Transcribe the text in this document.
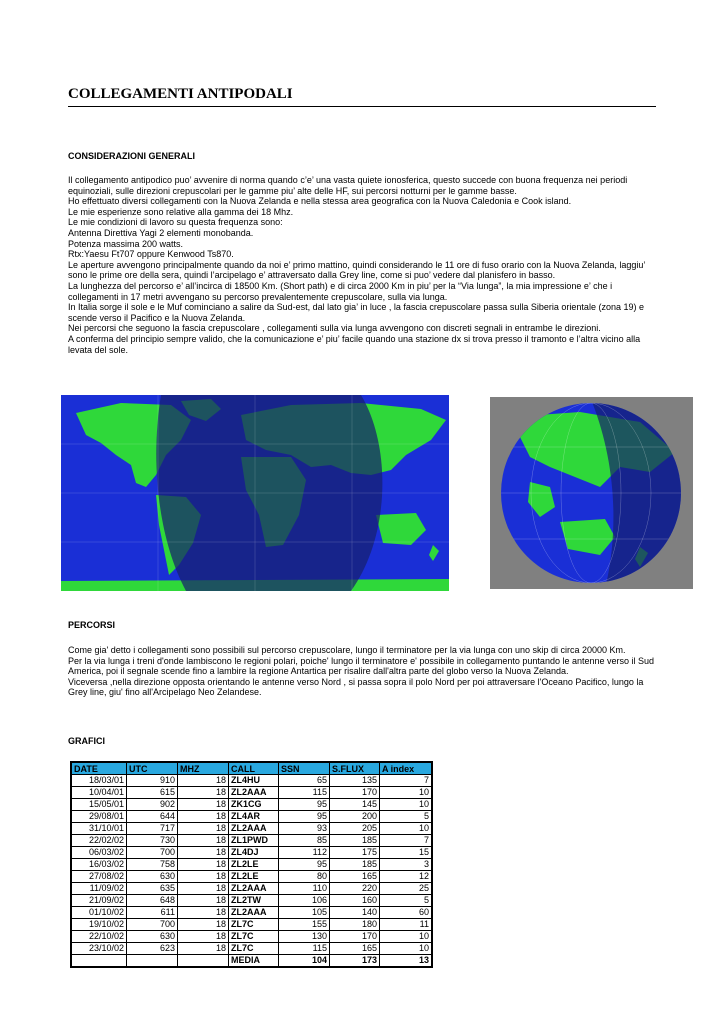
COLLEGAMENTI ANTIPODALI
CONSIDERAZIONI GENERALI

Il collegamento antipodico puo’ avvenire di norma quando c’e’ una vasta quiete ionosferica, questo succede con buona frequenza nei periodi equinoziali, sulle direzioni crepuscolari per le gamme piu’ alte delle HF, sui percorsi notturni per le gamme basse.

Ho effettuato diversi collegamenti con la Nuova Zelanda e nella stessa area geografica con la Nuova Caledonia e Cook island.

Le mie esperienze sono relative alla gamma dei 18 Mhz.

Le mie condizioni di lavoro su questa frequenza sono:

Antenna Direttiva Yagi 2 elementi monobanda.

Potenza massima 200 watts.

Rtx:Yaesu Ft707 oppure Kenwood Ts870.

Le aperture avvengono principalmente quando da noi e’ primo mattino, quindi considerando le 11 ore di fuso orario con la Nuova Zelanda, laggiu’ sono le prime ore della sera, quindi l’arcipelago e’ attraversato dalla Grey line, come si puo’ vedere dal planisfero in basso.

La lunghezza del percorso e’ all’incirca di 18500 Km. (Short path) e di circa 2000 Km in piu’ per la “Via lunga”, la mia impressione e’ che i collegamenti in 17 metri avvengano su percorso prevalentemente crepuscolare, sulla via lunga.

In Italia sorge il sole e le Muf cominciano a salire da Sud-est, dal lato gia’ in luce , la fascia crepuscolare passa sulla Siberia orientale (zona 19) e scende verso il Pacifico e la Nuova Zelanda.

Nei percorsi che seguono la fascia crepuscolare , collegamenti sulla via lunga avvengono con discreti segnali in entrambe le direzioni.

A conferma del principio sempre valido, che la comunicazione e’ piu’ facile quando una stazione dx si trova presso il tramonto e l’altra vicino alla levata del sole.

PERCORSI

Come gia' detto i collegamenti sono possibili sul percorso crepuscolare, lungo il terminatore per la via lunga con uno skip di circa 20000 Km.

Per la via lunga i treni d'onde lambiscono le regioni polari, poiche' lungo il terminatore e' possibile in collegamento puntando le antenne verso il Sud America, poi il segnale scende fino a lambire la regione Antartica per risalire dall'altra parte del globo verso la Nuova Zelanda.

Viceversa ,nella direzione opposta orientando le antenne verso Nord , si passa sopra il polo Nord per poi attraversare l'Oceano Pacifico, lungo la Grey line, giu' fino all'Arcipelago Neo Zelandese.

GRAFICI
DATE	UTC	MHZ	CALL	SSN	S.FLUX	A index
18/03/01	910	18	ZL4HU	65	135	7
10/04/01	615	18	ZL2AAA	115	170	10
15/05/01	902	18	ZK1CG	95	145	10
29/08/01	644	18	ZL4AR	95	200	5
31/10/01	717	18	ZL2AAA	93	205	10
22/02/02	730	18	ZL1PWD	85	185	7
06/03/02	700	18	ZL4DJ	112	175	15
16/03/02	758	18	ZL2LE	95	185	3
27/08/02	630	18	ZL2LE	80	165	12
11/09/02	635	18	ZL2AAA	110	220	25
21/09/02	648	18	ZL2TW	106	160	5
01/10/02	611	18	ZL2AAA	105	140	60
19/10/02	700	18	ZL7C	155	180	11
22/10/02	630	18	ZL7C	130	170	10
23/10/02	623	18	ZL7C	115	165	10
			MEDIA	104	173	13
